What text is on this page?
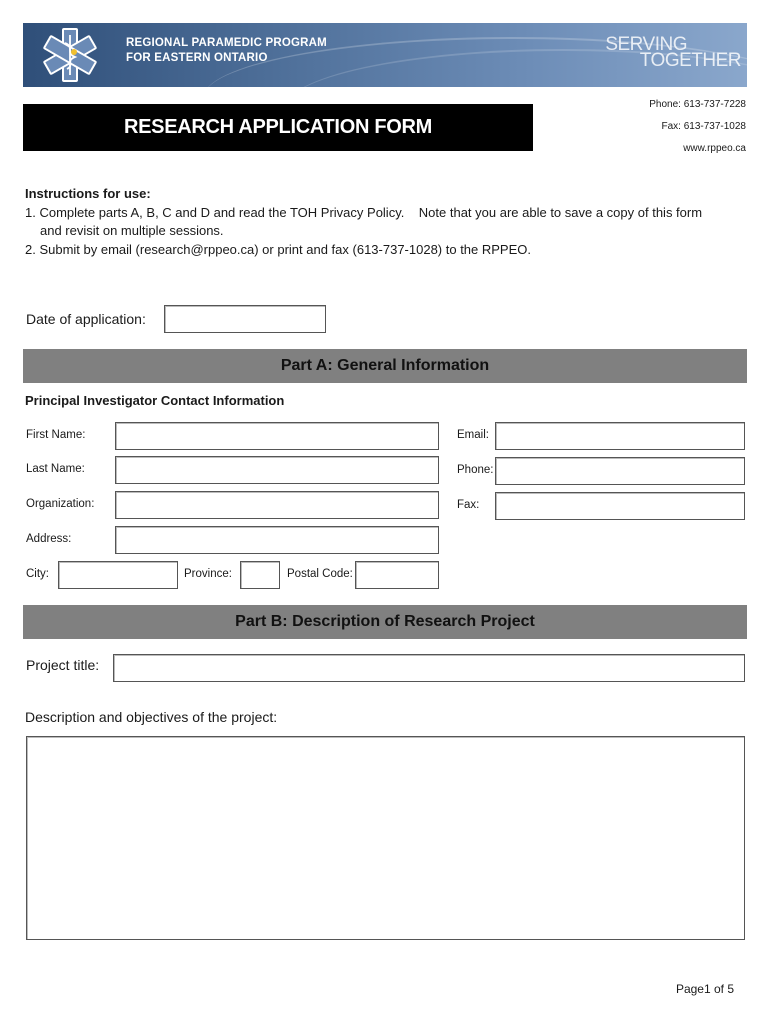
REGIONAL PARAMEDIC PROGRAM
FOR EASTERN ONTARIO
SERVING
TOGETHER
RESEARCH APPLICATION FORM
Phone: 613-737-7228
Fax: 613-737-1028
www.rppeo.ca
Instructions for use:
1. Complete parts A, B, C and D and read the TOH Privacy Policy.    Note that you are able to save a copy of this form
and revisit on multiple sessions.
2. Submit by email (research@rppeo.ca) or print and fax (613-737-1028) to the RPPEO.
Date of application:
Part A: General Information
Principal Investigator Contact Information
First Name:	Email:
Last Name:	Phone:
Organization:	Fax:
Address:
City:	Province:	Postal Code:
Part B: Description of Research Project
Project title:
Description and objectives of the project:
Page1 of 5
